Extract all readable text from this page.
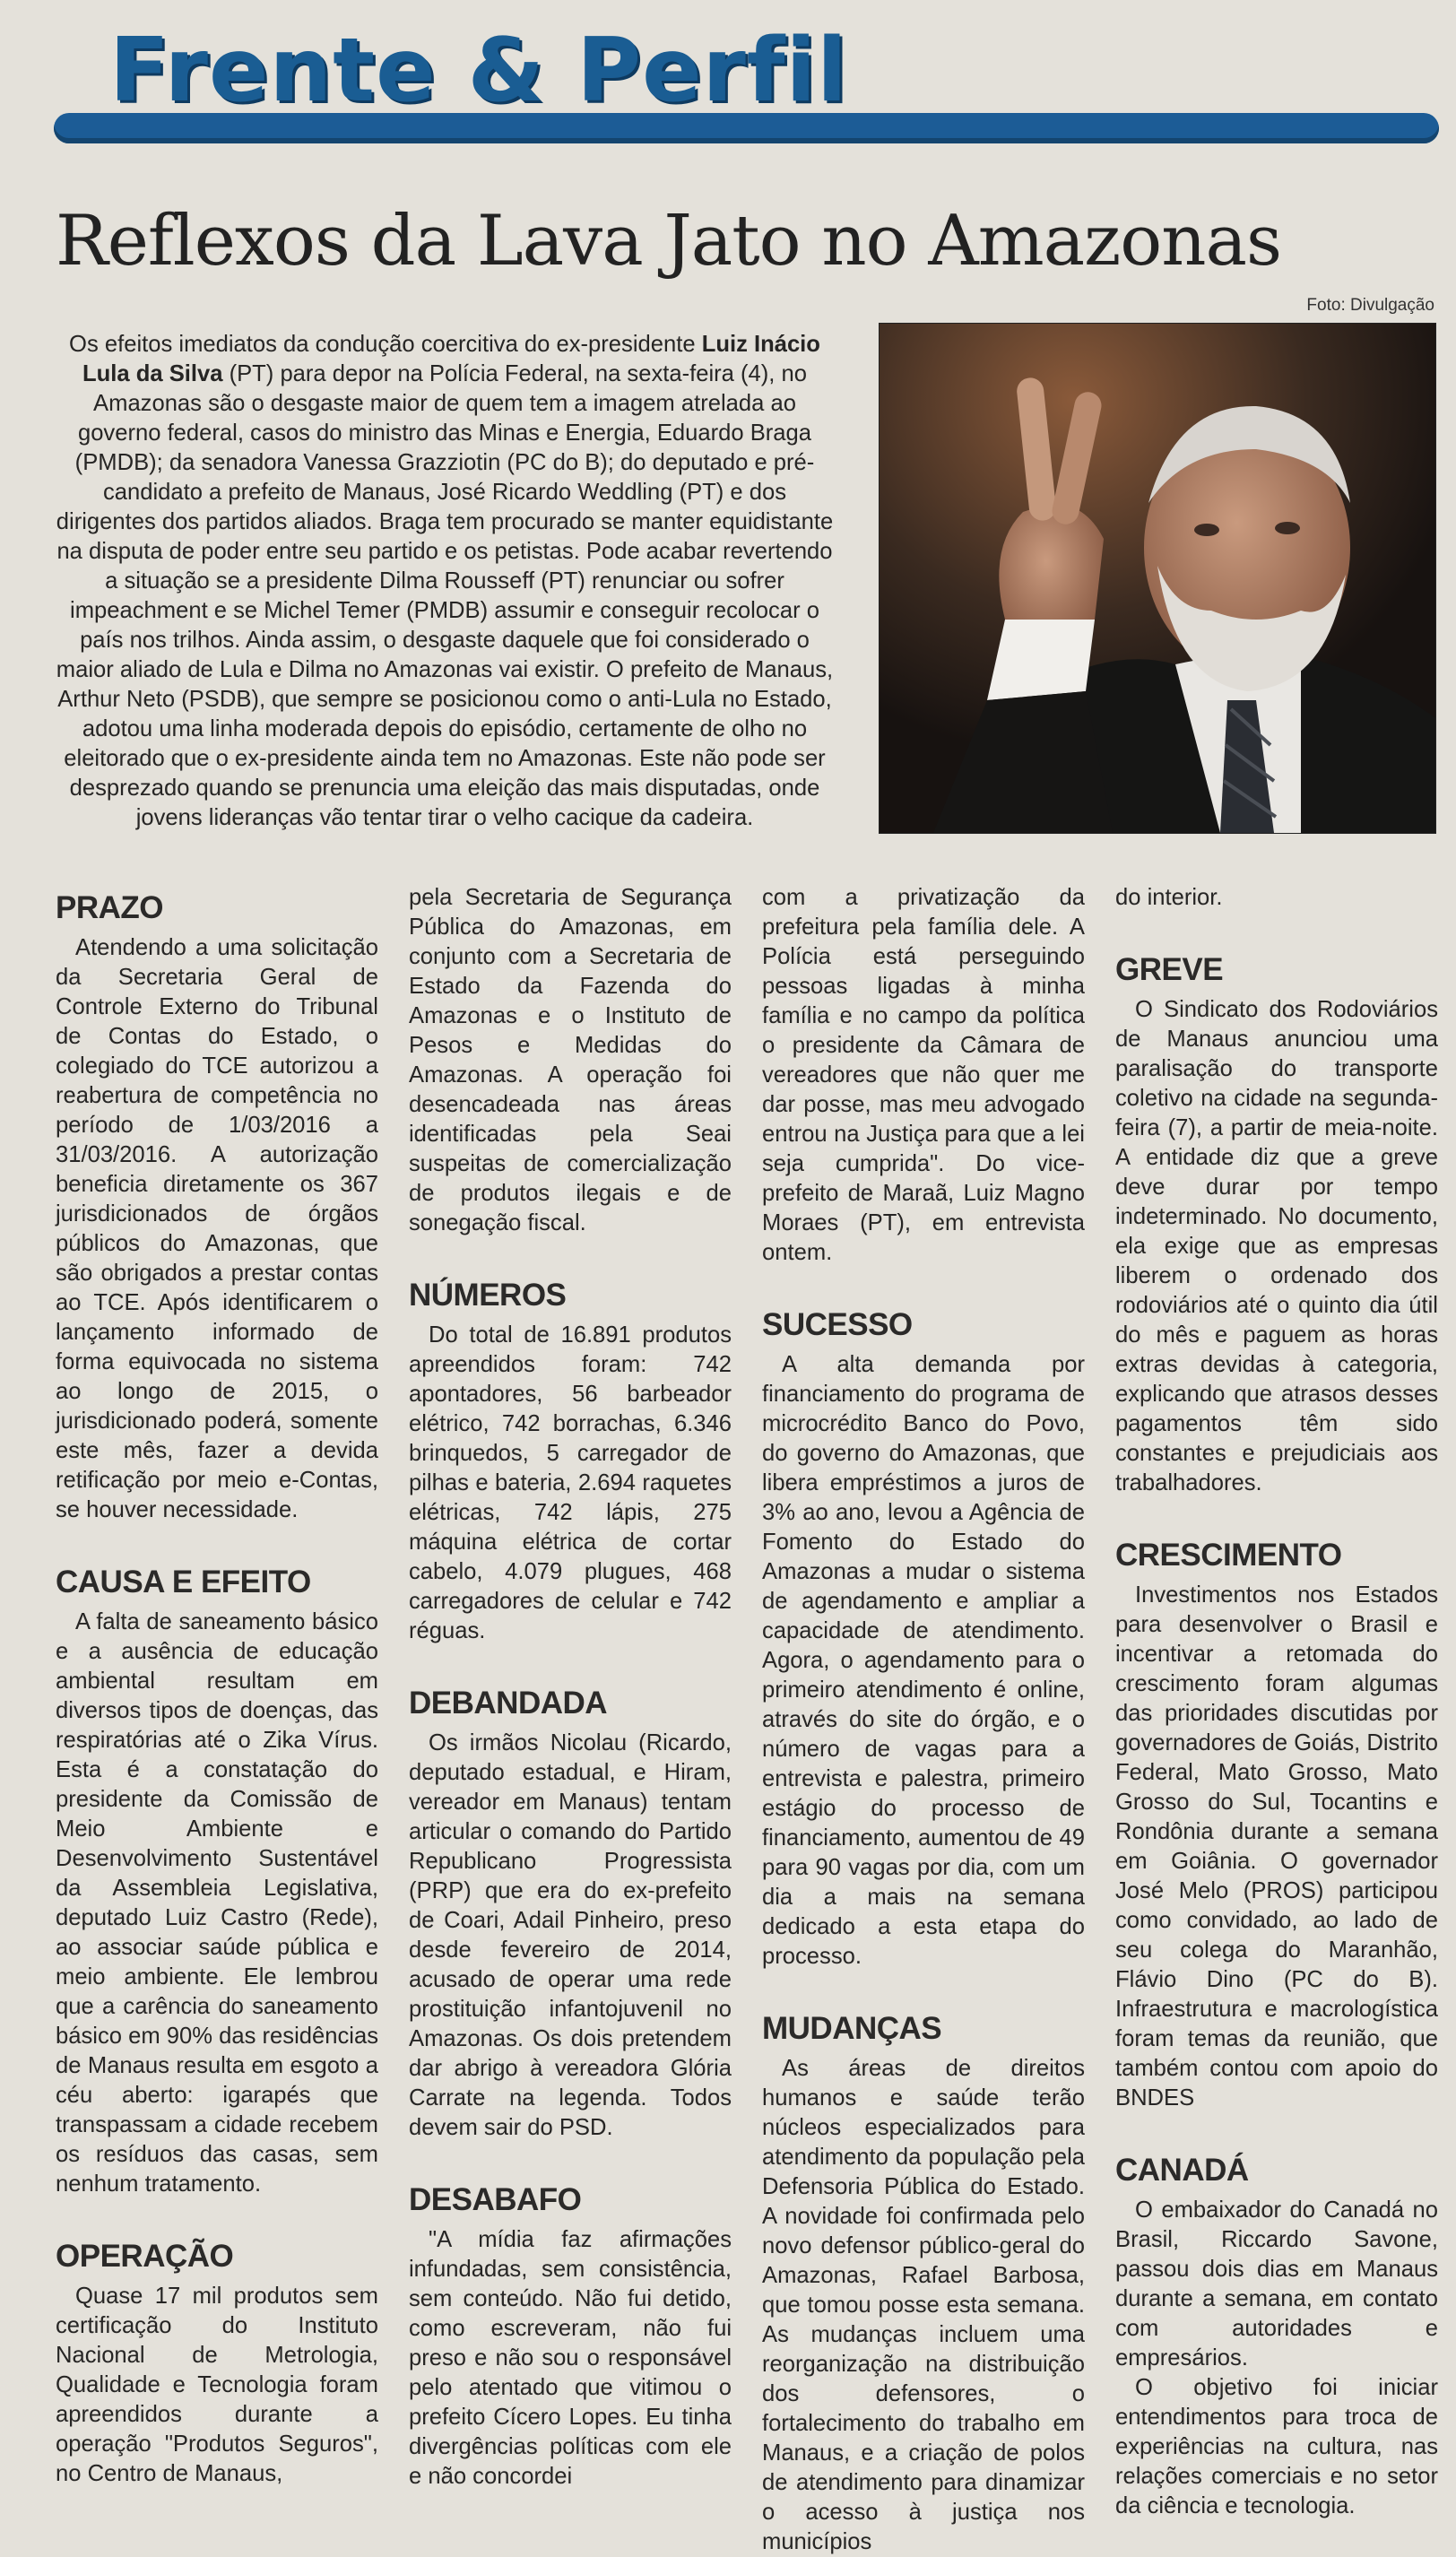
Frente & Perfil
Reflexos da Lava Jato no Amazonas
Foto: Divulgação

Os efeitos imediatos da condução coercitiva do ex-presidente Luiz Inácio Lula da Silva (PT) para depor na Polícia Federal, na sexta-feira (4), no Amazonas são o desgaste maior de quem tem a imagem atrelada ao governo federal, casos do ministro das Minas e Energia, Eduardo Braga (PMDB); da senadora Vanessa Grazziotin (PC do B); do deputado e pré-candidato a prefeito de Manaus, José Ricardo Weddling (PT) e dos dirigentes dos partidos aliados. Braga tem procurado se manter equidistante na disputa de poder entre seu partido e os petistas. Pode acabar revertendo a situação se a presidente Dilma Rousseff (PT) renunciar ou sofrer impeachment e se Michel Temer (PMDB) assumir e conseguir recolocar o país nos trilhos. Ainda assim, o desgaste daquele que foi considerado o maior aliado de Lula e Dilma no Amazonas vai existir. O prefeito de Manaus, Arthur Neto (PSDB), que sempre se posicionou como o anti-Lula no Estado, adotou uma linha moderada depois do episódio, certamente de olho no eleitorado que o ex-presidente ainda tem no Amazonas. Este não pode ser desprezado quando se prenuncia uma eleição das mais disputadas, onde jovens lideranças vão tentar tirar o velho cacique da cadeira.

PRAZO

Atendendo a uma solicitação da Secretaria Geral de Controle Externo do Tribunal de Contas do Estado, o colegiado do TCE autorizou a reabertura de competência no período de 1/03/2016 a 31/03/2016. A autorização beneficia diretamente os 367 jurisdicionados de órgãos públicos do Amazonas, que são obrigados a prestar contas ao TCE. Após identificarem o lançamento informado de forma equivocada no sistema ao longo de 2015, o jurisdicionado poderá, somente este mês, fazer a devida retificação por meio e-Contas, se houver necessidade.

CAUSA E EFEITO

A falta de saneamento básico e a ausência de educação ambiental resultam em diversos tipos de doenças, das respiratórias até o Zika Vírus. Esta é a constatação do presidente da Comissão de Meio Ambiente e Desenvolvimento Sustentável da Assembleia Legislativa, deputado Luiz Castro (Rede), ao associar saúde pública e meio ambiente. Ele lembrou que a carência do saneamento básico em 90% das residências de Manaus resulta em esgoto a céu aberto: igarapés que transpassam a cidade recebem os resíduos das casas, sem nenhum tratamento.

OPERAÇÃO

Quase 17 mil produtos sem certificação do Instituto Nacional de Metrologia, Qualidade e Tecnologia foram apreendidos durante a operação "Produtos Seguros", no Centro de Manaus,

pela Secretaria de Segurança Pública do Amazonas, em conjunto com a Secretaria de Estado da Fazenda do Amazonas e o Instituto de Pesos e Medidas do Amazonas. A operação foi desencadeada nas áreas identificadas pela Seai suspeitas de comercialização de produtos ilegais e de sonegação fiscal.

NÚMEROS

Do total de 16.891 produtos apreendidos foram: 742 apontadores, 56 barbeador elétrico, 742 borrachas, 6.346 brinquedos, 5 carregador de pilhas e bateria, 2.694 raquetes elétricas, 742 lápis, 275 máquina elétrica de cortar cabelo, 4.079 plugues, 468 carregadores de celular e 742 réguas.

DEBANDADA

Os irmãos Nicolau (Ricardo, deputado estadual, e Hiram, vereador em Manaus) tentam articular o comando do Partido Republicano Progressista (PRP) que era do ex-prefeito de Coari, Adail Pinheiro, preso desde fevereiro de 2014, acusado de operar uma rede prostituição infantojuvenil no Amazonas. Os dois pretendem dar abrigo à vereadora Glória Carrate na legenda. Todos devem sair do PSD.

DESABAFO

"A mídia faz afirmações infundadas, sem consistência, sem conteúdo. Não fui detido, como escreveram, não fui preso e não sou o responsável pelo atentado que vitimou o prefeito Cícero Lopes. Eu tinha divergências políticas com ele e não concordei

com a privatização da prefeitura pela família dele. A Polícia está perseguindo pessoas ligadas à minha família e no campo da política o presidente da Câmara de vereadores que não quer me dar posse, mas meu advogado entrou na Justiça para que a lei seja cumprida". Do vice-prefeito de Maraã, Luiz Magno Moraes (PT), em entrevista ontem.

SUCESSO

A alta demanda por financiamento do programa de microcrédito Banco do Povo, do governo do Amazonas, que libera empréstimos a juros de 3% ao ano, levou a Agência de Fomento do Estado do Amazonas a mudar o sistema de agendamento e ampliar a capacidade de atendimento. Agora, o agendamento para o primeiro atendimento é online, através do site do órgão, e o número de vagas para a entrevista e palestra, primeiro estágio do processo de financiamento, aumentou de 49 para 90 vagas por dia, com um dia a mais na semana dedicado a esta etapa do processo.

MUDANÇAS

As áreas de direitos humanos e saúde terão núcleos especializados para atendimento da população pela Defensoria Pública do Estado. A novidade foi confirmada pelo novo defensor público-geral do Amazonas, Rafael Barbosa, que tomou posse esta semana. As mudanças incluem uma reorganização na distribuição dos defensores, o fortalecimento do trabalho em Manaus, e a criação de polos de atendimento para dinamizar o acesso à justiça nos municípios

do interior.

GREVE

O Sindicato dos Rodoviários de Manaus anunciou uma paralisação do transporte coletivo na cidade na segunda-feira (7), a partir de meia-noite. A entidade diz que a greve deve durar por tempo indeterminado. No documento, ela exige que as empresas liberem o ordenado dos rodoviários até o quinto dia útil do mês e paguem as horas extras devidas à categoria, explicando que atrasos desses pagamentos têm sido constantes e prejudiciais aos trabalhadores.

CRESCIMENTO

Investimentos nos Estados para desenvolver o Brasil e incentivar a retomada do crescimento foram algumas das prioridades discutidas por governadores de Goiás, Distrito Federal, Mato Grosso, Mato Grosso do Sul, Tocantins e Rondônia durante a semana em Goiânia. O governador José Melo (PROS) participou como convidado, ao lado de seu colega do Maranhão, Flávio Dino (PC do B). Infraestrutura e macrologística foram temas da reunião, que também contou com apoio do BNDES

CANADÁ

O embaixador do Canadá no Brasil, Riccardo Savone, passou dois dias em Manaus durante a semana, em contato com autoridades e empresários.

O objetivo foi iniciar entendimentos para troca de experiências na cultura, nas relações comerciais e no setor da ciência e tecnologia.
